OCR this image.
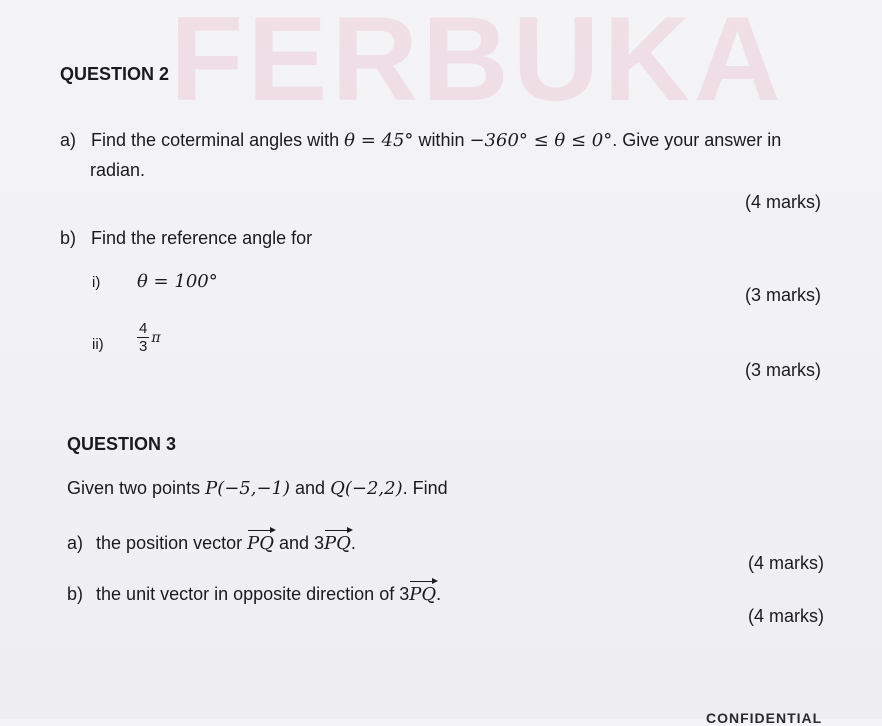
FERBUKA
QUESTION 2
a) Find the coterminal angles with θ = 45° within −360° ≤ θ ≤ 0°. Give your answer in
radian.
(4 marks)
b) Find the reference angle for
i) θ = 100°
(3 marks)
$ii) \frac{4}{3}$ π
(3 marks)
QUESTION 3
Given two points P(−5,−1) and Q(−2,2). Find
a) the position vector PQ and 3PQ.
(4 marks)
b) the unit vector in opposite direction of 3PQ.
(4 marks)
CONFIDENTIAL
